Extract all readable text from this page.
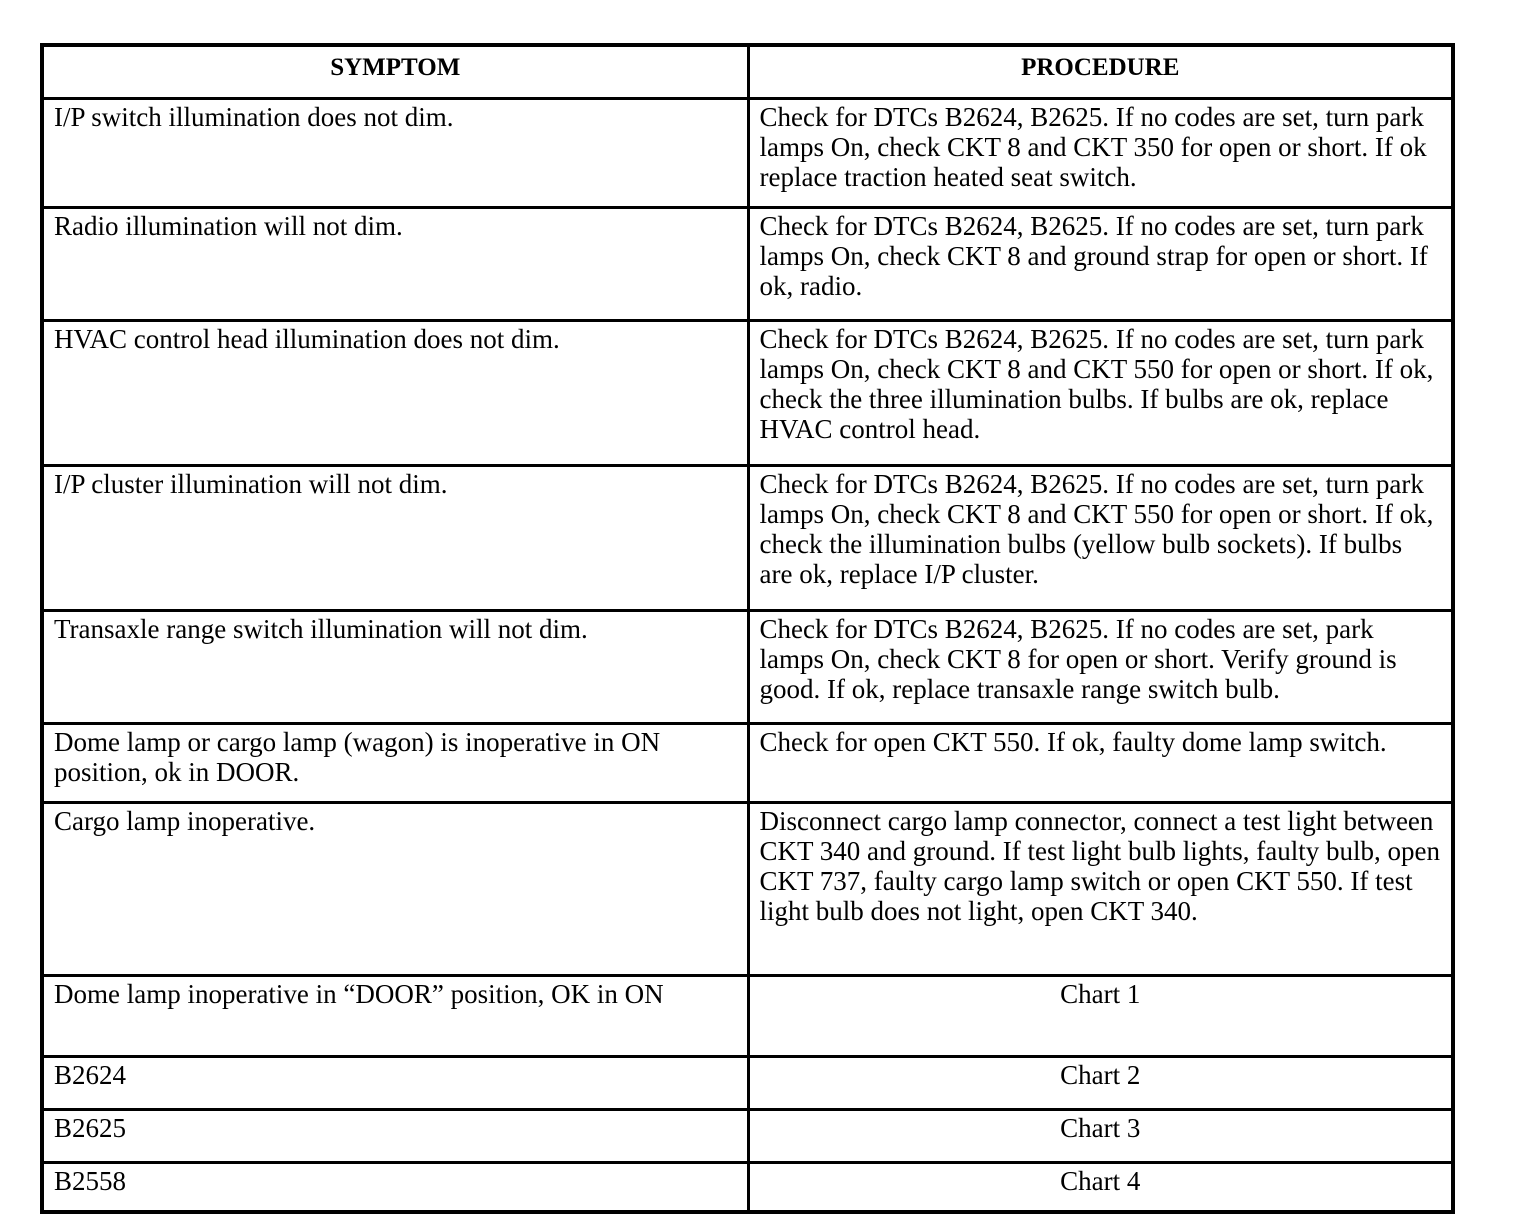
SYMPTOM	PROCEDURE
I/P switch illumination does not dim.	Check for DTCs B2624, B2625. If no codes are set, turn park lamps On, check CKT 8 and CKT 350 for open or short. If ok replace traction heated seat switch.
Radio illumination will not dim.	Check for DTCs B2624, B2625. If no codes are set, turn park lamps On, check CKT 8 and ground strap for open or short. If ok, radio.
HVAC control head illumination does not dim.	Check for DTCs B2624, B2625. If no codes are set, turn park lamps On, check CKT 8 and CKT 550 for open or short. If ok, check the three illumination bulbs. If bulbs are ok, replace HVAC control head.
I/P cluster illumination will not dim.	Check for DTCs B2624, B2625. If no codes are set, turn park lamps On, check CKT 8 and CKT 550 for open or short. If ok, check the illumination bulbs (yellow bulb sockets). If bulbs are ok, replace I/P cluster.
Transaxle range switch illumination will not dim.	Check for DTCs B2624, B2625. If no codes are set, park lamps On, check CKT 8 for open or short. Verify ground is good. If ok, replace transaxle range switch bulb.
Dome lamp or cargo lamp (wagon) is inoperative in ON position, ok in DOOR.	Check for open CKT 550. If ok, faulty dome lamp switch.
Cargo lamp inoperative.	Disconnect cargo lamp connector, connect a test light between CKT 340 and ground. If test light bulb lights, faulty bulb, open CKT 737, faulty cargo lamp switch or open CKT 550. If test light bulb does not light, open CKT 340.
Dome lamp inoperative in “DOOR” position, OK in ON	Chart 1
B2624	Chart 2
B2625	Chart 3
B2558	Chart 4
